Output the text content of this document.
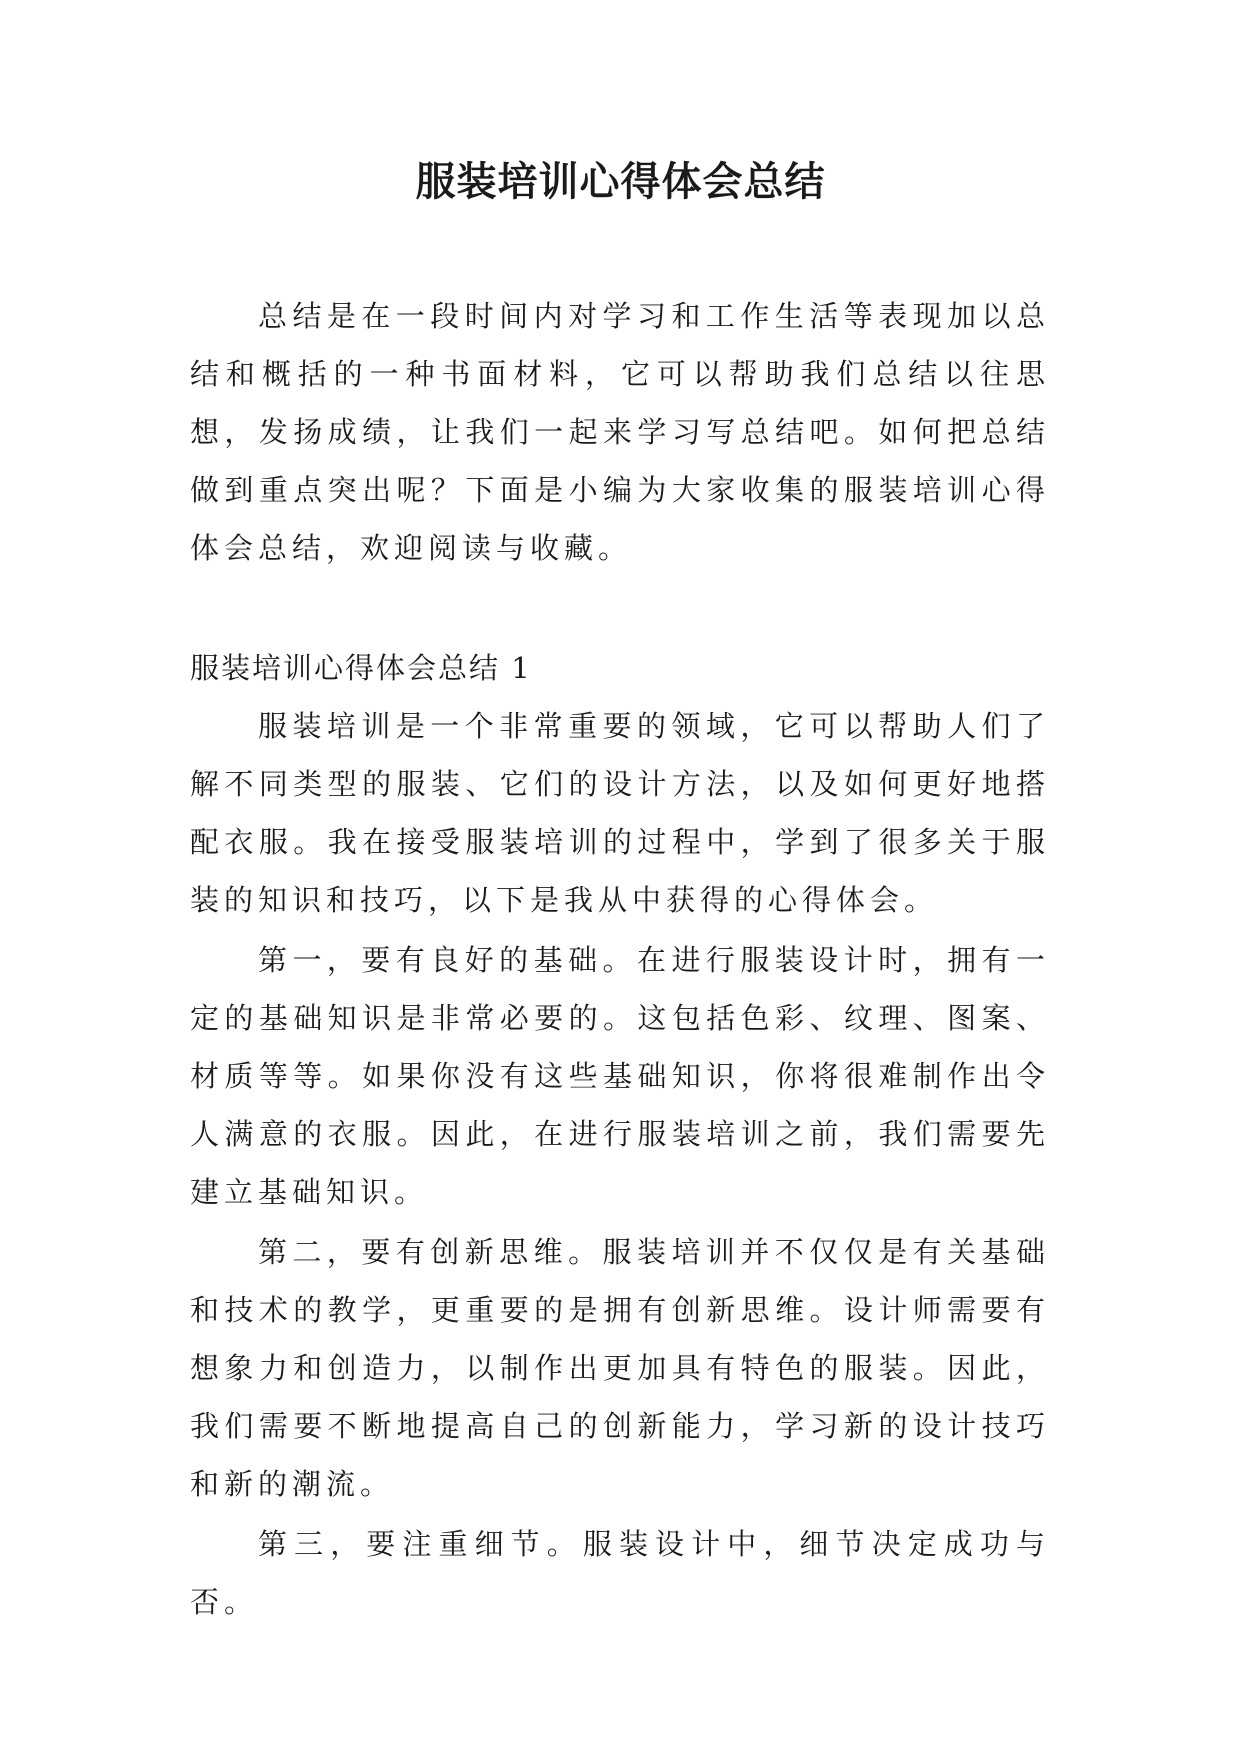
服装培训心得体会总结

总结是在一段时间内对学习和工作生活等表现加以总结和概括的一种书面材料，它可以帮助我们总结以往思想，发扬成绩，让我们一起来学习写总结吧。如何把总结做到重点突出呢？下面是小编为大家收集的服装培训心得体会总结，欢迎阅读与收藏。

服装培训心得体会总结 1

服装培训是一个非常重要的领域，它可以帮助人们了解不同类型的服装、它们的设计方法，以及如何更好地搭配衣服。我在接受服装培训的过程中，学到了很多关于服装的知识和技巧，以下是我从中获得的心得体会。

第一，要有良好的基础。在进行服装设计时，拥有一定的基础知识是非常必要的。这包括色彩、纹理、图案、材质等等。如果你没有这些基础知识，你将很难制作出令人满意的衣服。因此，在进行服装培训之前，我们需要先建立基础知识。

第二，要有创新思维。服装培训并不仅仅是有关基础和技术的教学，更重要的是拥有创新思维。设计师需要有想象力和创造力，以制作出更加具有特色的服装。因此，我们需要不断地提高自己的创新能力，学习新的设计技巧和新的潮流。

第三，要注重细节。服装设计中，细节决定成功与否。
